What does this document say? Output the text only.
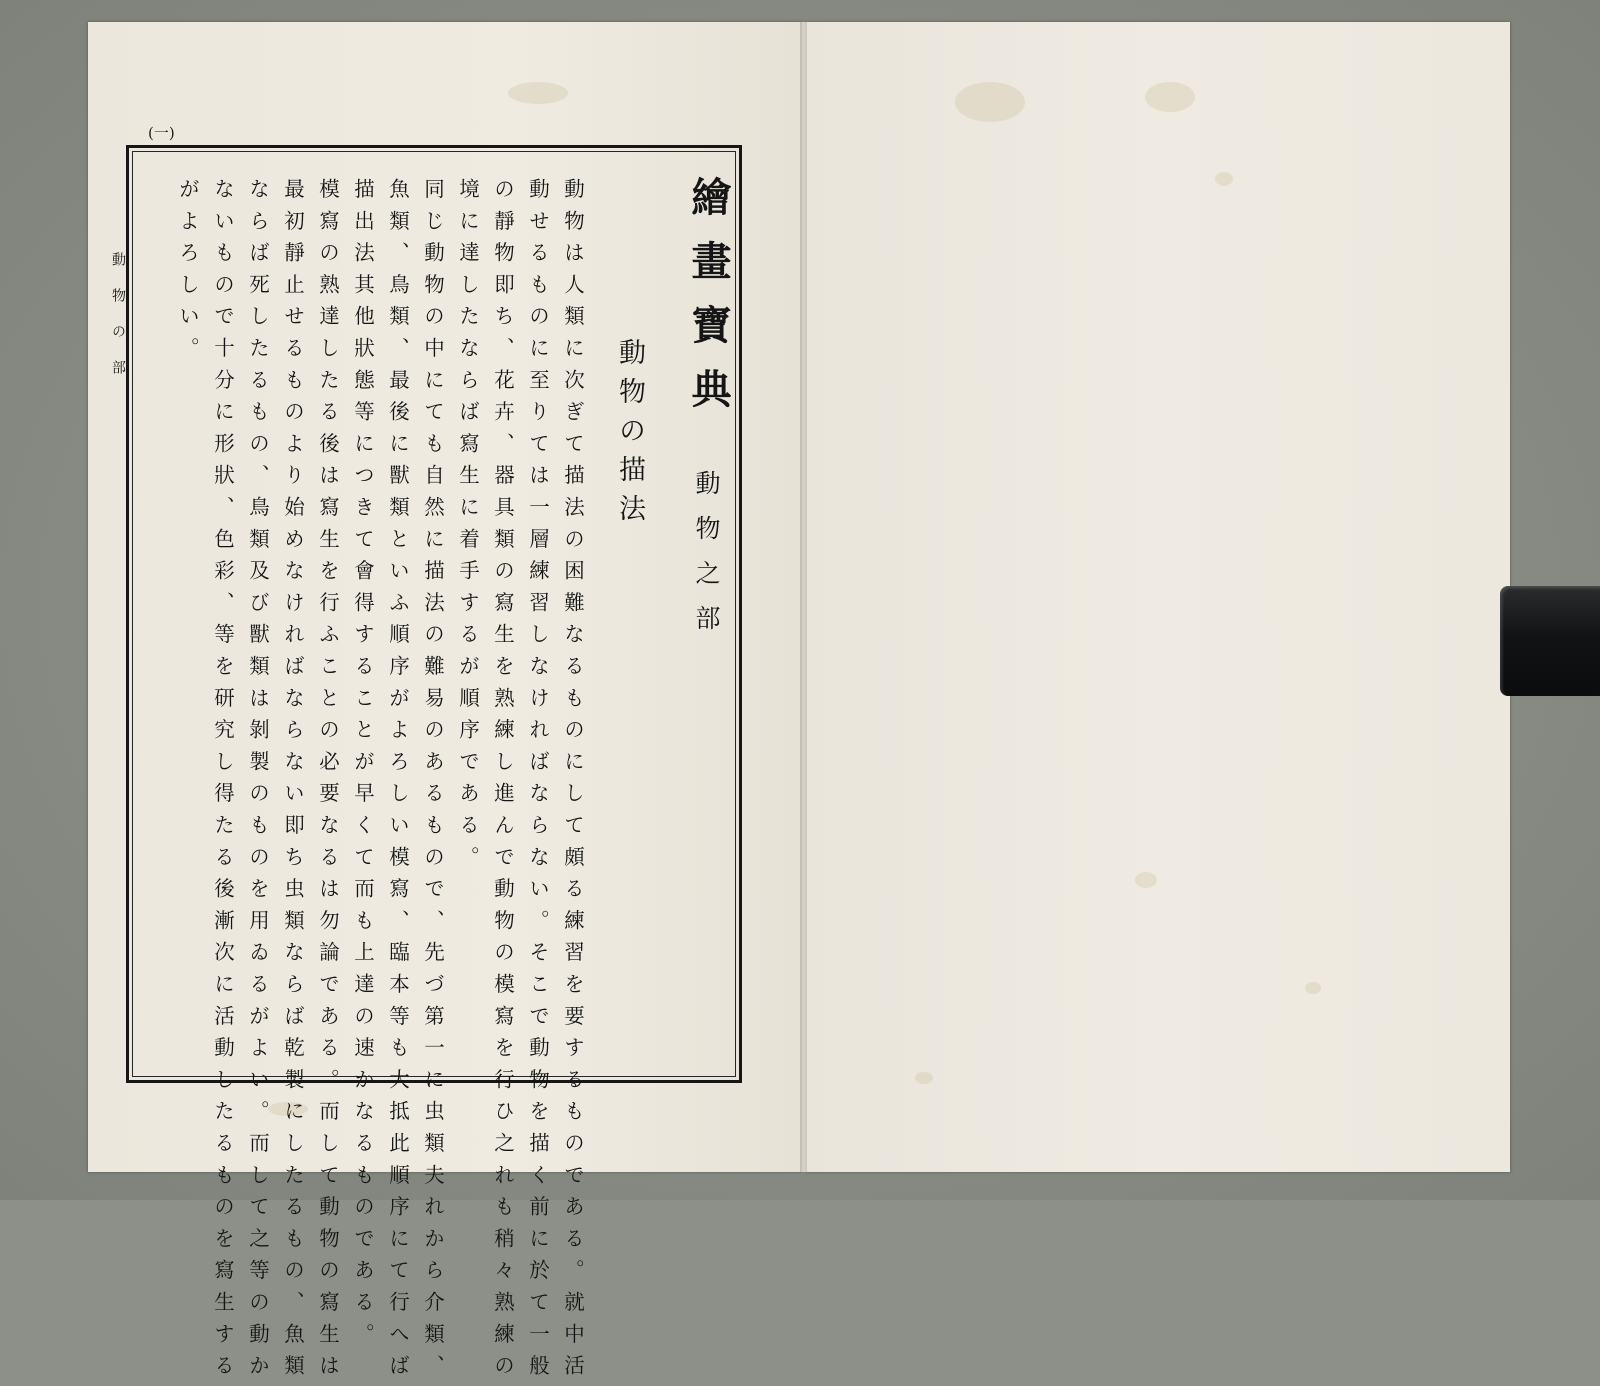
(一)
繪畫寶典
動物之部
動物の描法
動物は人類に次ぎて描法の困難なるものにして頗る練習を要するものである。就中活
動せるものに至りては一層練習しなければならない。そこで動物を描く前に於て一般
の靜物即ち、花卉、器具類の寫生を熟練し進んで動物の模寫を行ひ之れも稍々熟練の
境に達したならば寫生に着手するが順序である。
同じ動物の中にても自然に描法の難易のあるもので、先づ第一に虫類夫れから介類、
魚類、鳥類、最後に獸類といふ順序がよろしい模寫、臨本等も大抵此順序にて行へば
描出法其他狀態等につきて會得することが早くて而も上達の速かなるものである。
模寫の熟達したる後は寫生を行ふことの必要なるは勿論である。而して動物の寫生は
最初靜止せるものより始めなければならない即ち虫類ならば乾製にしたるもの、魚類
ならば死したるもの、鳥類及び獸類は剝製のものを用ゐるがよい。而して之等の動か
ないもので十分に形狀、色彩、等を研究し得たる後漸次に活動したるものを寫生する
がよろしい。
動物の部
